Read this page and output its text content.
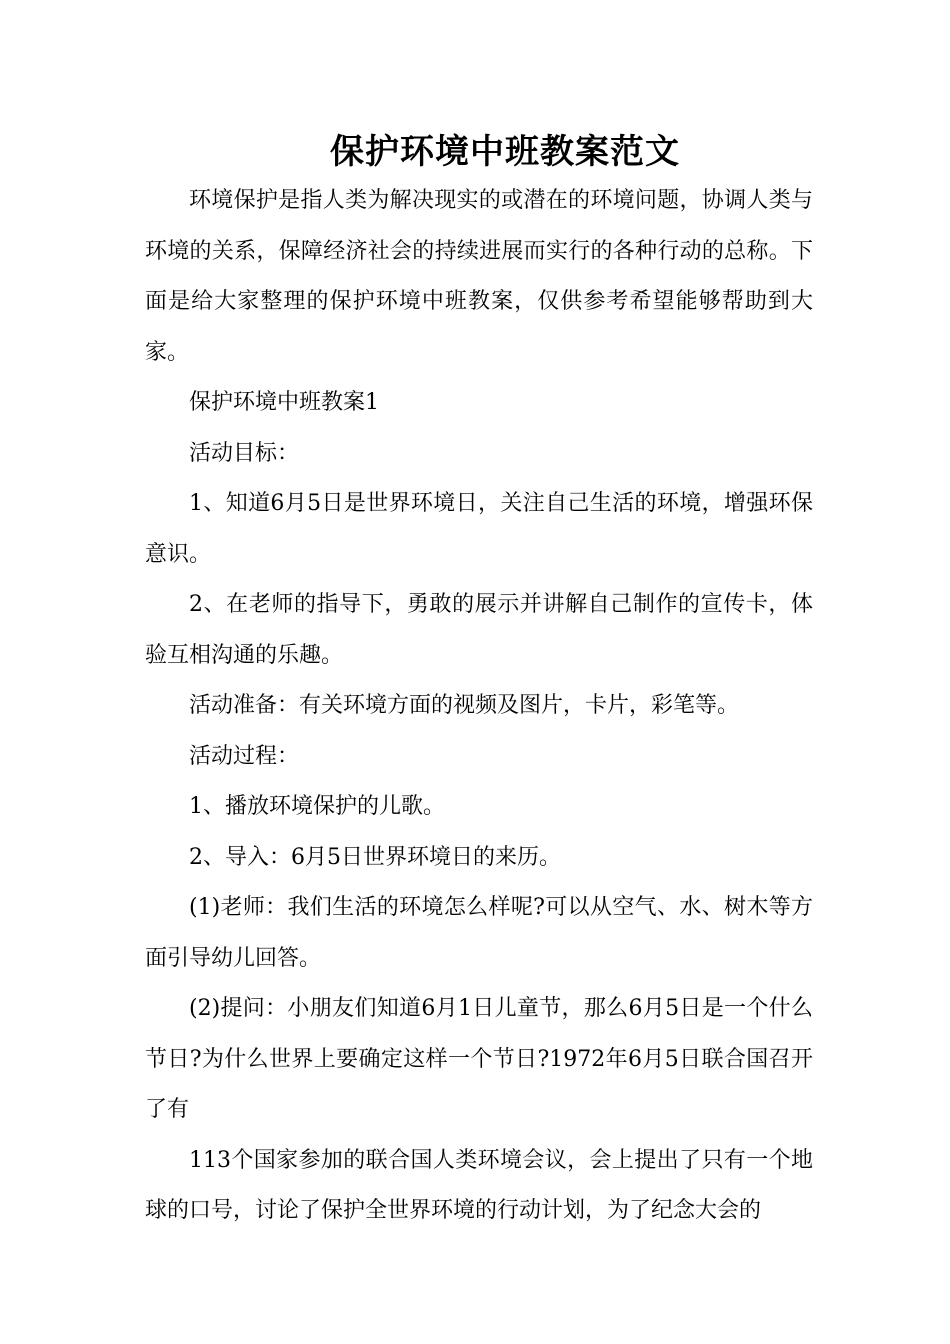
保护环境中班教案范文

环境保护是指人类为解决现实的或潜在的环境问题，协调人类与环境的关系，保障经济社会的持续进展而实行的各种行动的总称。下面是给大家整理的保护环境中班教案，仅供参考希望能够帮助到大家。

保护环境中班教案1

活动目标：

1、知道6月5日是世界环境日，关注自己生活的环境，增强环保意识。

2、在老师的指导下，勇敢的展示并讲解自己制作的宣传卡，体验互相沟通的乐趣。

活动准备：有关环境方面的视频及图片，卡片，彩笔等。

活动过程：

1、播放环境保护的儿歌。

2、导入：6月5日世界环境日的来历。

(1)老师：我们生活的环境怎么样呢?可以从空气、水、树木等方面引导幼儿回答。

(2)提问：小朋友们知道6月1日儿童节，那么6月5日是一个什么节日?为什么世界上要确定这样一个节日?1972年6月5日联合国召开了有

113个国家参加的联合国人类环境会议，会上提出了只有一个地球的口号，讨论了保护全世界环境的行动计划，为了纪念大会的
